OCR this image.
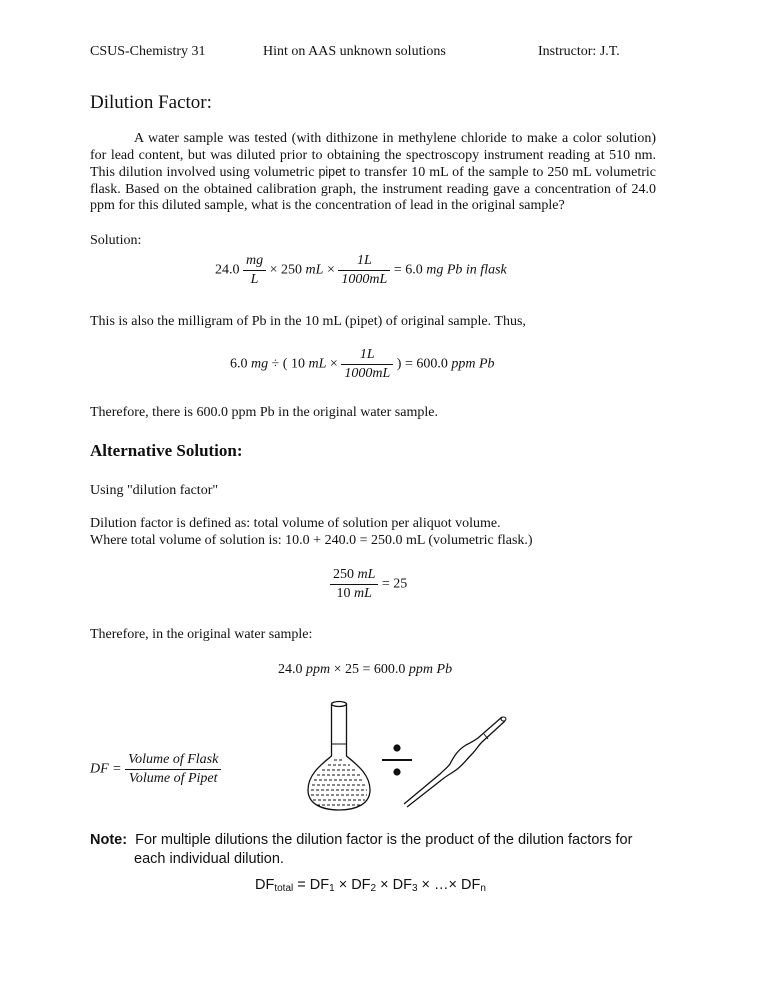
CSUS-Chemistry 31	Hint on AAS unknown solutions	Instructor: J.T.
Dilution Factor:
A water sample was tested (with dithizone in methylene chloride to make a color solution) for lead content, but was diluted prior to obtaining the spectroscopy instrument reading at 510 nm. This dilution involved using volumetric pipet to transfer 10 mL of the sample to 250 mL volumetric flask. Based on the obtained calibration graph, the instrument reading gave a concentration of 24.0 ppm for this diluted sample, what is the concentration of lead in the original sample?
Solution:
$24.0 \frac{mg}{L} \times 250$ mL × $\frac{1L}{1000mL} = 6.0$ mg Pb in flask
This is also the milligram of Pb in the 10 mL (pipet) of original sample. Thus,
6.0 mg ÷ ( 10 mL × $\frac{1L}{1000mL}$ ) = 600.0 ppm Pb
Therefore, there is 600.0 ppm Pb in the original water sample.
Alternative Solution:
Using "dilution factor"
Dilution factor is defined as: total volume of solution per aliquot volume.
Where total volume of solution is: 10.0 + 240.0 = 250.0 mL (volumetric flask.)
$\frac{250 mL}{10 mL} = 25$
Therefore, in the original water sample:
24.0 ppm × 25 = 600.0 ppm Pb
DF = $\frac{\text{Volume of Flask}}{\text{Volume of Pipet}}$
Note: For multiple dilutions the dilution factor is the product of the dilution factors for
each individual dilution.
$DF_{total} = DF_1 \times DF_2 \times DF_3$ × …× $DF_n$
